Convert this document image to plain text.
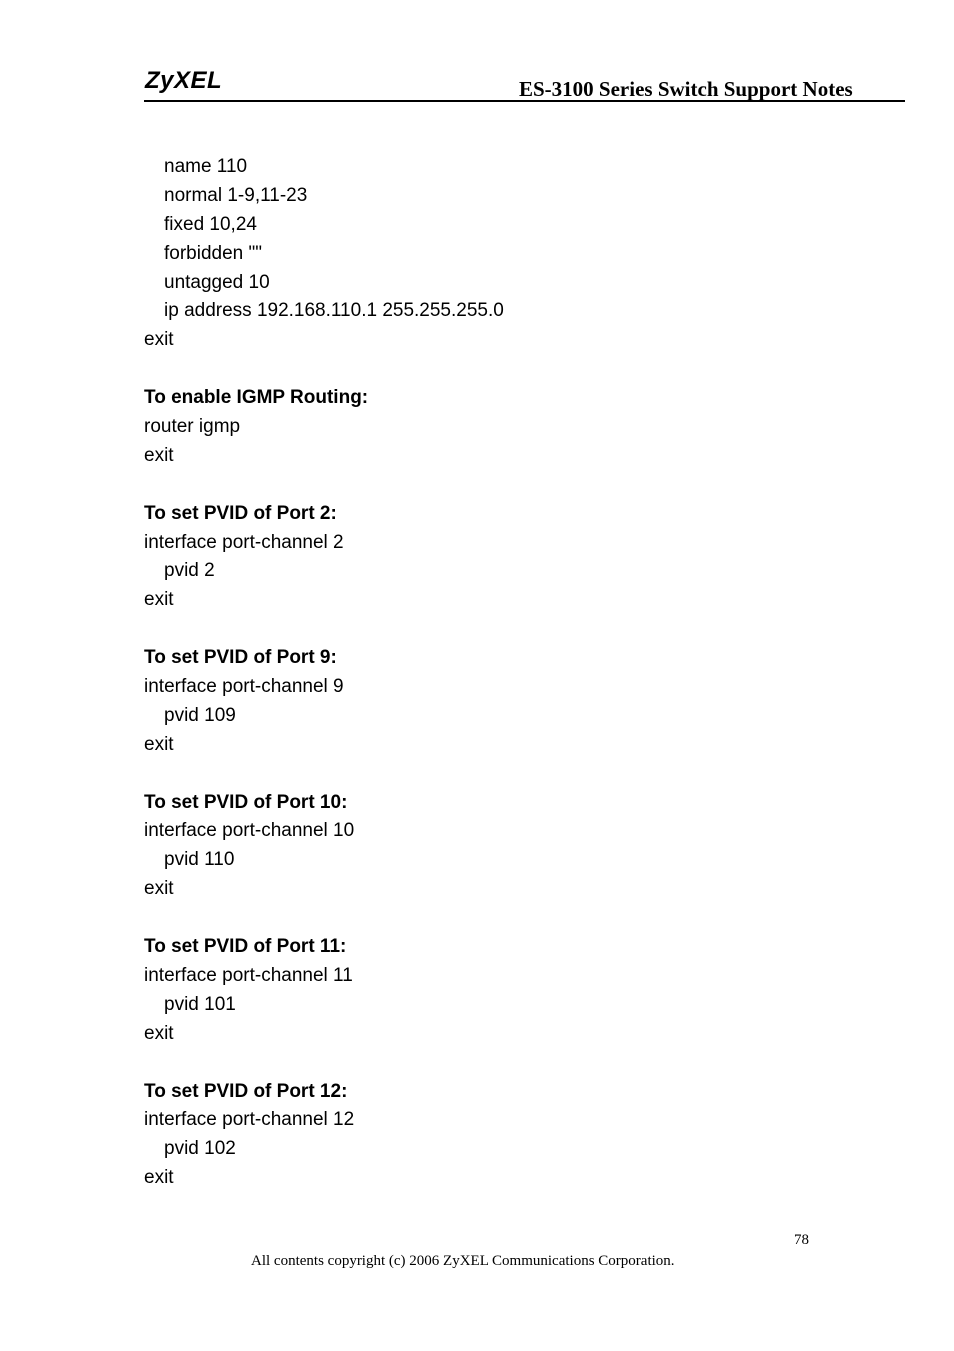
ZyXEL	ES-3100 Series Switch Support Notes
name 110
normal 1-9,11-23
fixed 10,24
forbidden ""
untagged 10
ip address 192.168.110.1 255.255.255.0
exit
To enable IGMP Routing:
router igmp
exit
To set PVID of Port 2:
interface port-channel 2
pvid 2
exit
To set PVID of Port 9:
interface port-channel 9
pvid 109
exit
To set PVID of Port 10:
interface port-channel 10
pvid 110
exit
To set PVID of Port 11:
interface port-channel 11
pvid 101
exit
To set PVID of Port 12:
interface port-channel 12
pvid 102
exit
78
All contents copyright (c) 2006 ZyXEL Communications Corporation.
